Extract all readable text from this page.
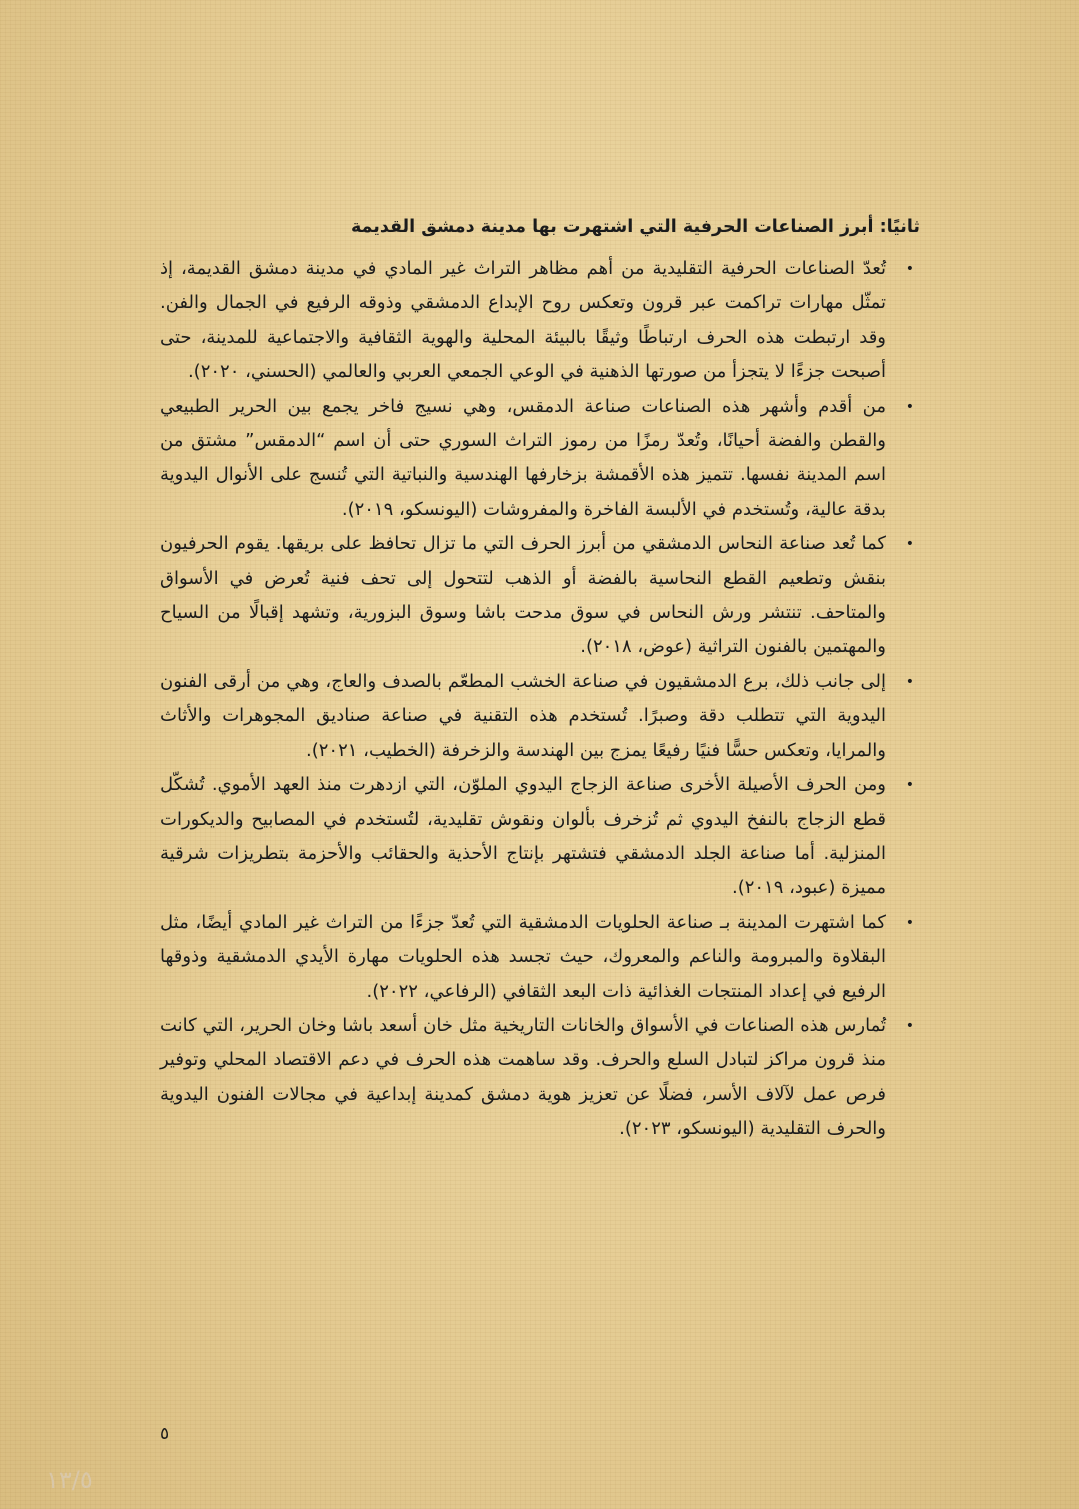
ثانيًا: أبرز الصناعات الحرفية التي اشتهرت بها مدينة دمشق القديمة
•
تُعدّ الصناعات الحرفية التقليدية من أهم مظاهر التراث غير المادي في مدينة دمشق القديمة، إذ تمثّل مهارات تراكمت عبر قرون وتعكس روح الإبداع الدمشقي وذوقه الرفيع في الجمال والفن. وقد ارتبطت هذه الحرف ارتباطًا وثيقًا بالبيئة المحلية والهوية الثقافية والاجتماعية للمدينة، حتى أصبحت جزءًا لا يتجزأ من صورتها الذهنية في الوعي الجمعي العربي والعالمي (الحسني، ٢٠٢٠).
•
من أقدم وأشهر هذه الصناعات صناعة الدمقس، وهي نسيج فاخر يجمع بين الحرير الطبيعي والقطن والفضة أحيانًا، وتُعدّ رمزًا من رموز التراث السوري حتى أن اسم “الدمقس” مشتق من اسم المدينة نفسها. تتميز هذه الأقمشة بزخارفها الهندسية والنباتية التي تُنسج على الأنوال اليدوية بدقة عالية، وتُستخدم في الألبسة الفاخرة والمفروشات (اليونسكو، ٢٠١٩).
•
كما تُعد صناعة النحاس الدمشقي من أبرز الحرف التي ما تزال تحافظ على بريقها. يقوم الحرفيون بنقش وتطعيم القطع النحاسية بالفضة أو الذهب لتتحول إلى تحف فنية تُعرض في الأسواق والمتاحف. تنتشر ورش النحاس في سوق مدحت باشا وسوق البزورية، وتشهد إقبالًا من السياح والمهتمين بالفنون التراثية (عوض، ٢٠١٨).
•
إلى جانب ذلك، برع الدمشقيون في صناعة الخشب المطعّم بالصدف والعاج، وهي من أرقى الفنون اليدوية التي تتطلب دقة وصبرًا. تُستخدم هذه التقنية في صناعة صناديق المجوهرات والأثاث والمرايا، وتعكس حسًّا فنيًا رفيعًا يمزج بين الهندسة والزخرفة (الخطيب، ٢٠٢١).
•
ومن الحرف الأصيلة الأخرى صناعة الزجاج اليدوي الملوّن، التي ازدهرت منذ العهد الأموي. تُشكّل قطع الزجاج بالنفخ اليدوي ثم تُزخرف بألوان ونقوش تقليدية، لتُستخدم في المصابيح والديكورات المنزلية. أما صناعة الجلد الدمشقي فتشتهر بإنتاج الأحذية والحقائب والأحزمة بتطريزات شرقية مميزة (عبود، ٢٠١٩).
•
كما اشتهرت المدينة بـ صناعة الحلويات الدمشقية التي تُعدّ جزءًا من التراث غير المادي أيضًا، مثل البقلاوة والمبرومة والناعم والمعروك، حيث تجسد هذه الحلويات مهارة الأيدي الدمشقية وذوقها الرفيع في إعداد المنتجات الغذائية ذات البعد الثقافي (الرفاعي، ٢٠٢٢).
•
تُمارس هذه الصناعات في الأسواق والخانات التاريخية مثل خان أسعد باشا وخان الحرير، التي كانت منذ قرون مراكز لتبادل السلع والحرف. وقد ساهمت هذه الحرف في دعم الاقتصاد المحلي وتوفير فرص عمل لآلاف الأسر، فضلًا عن تعزيز هوية دمشق كمدينة إبداعية في مجالات الفنون اليدوية والحرف التقليدية (اليونسكو، ٢٠٢٣).
٥
١٣/٥
